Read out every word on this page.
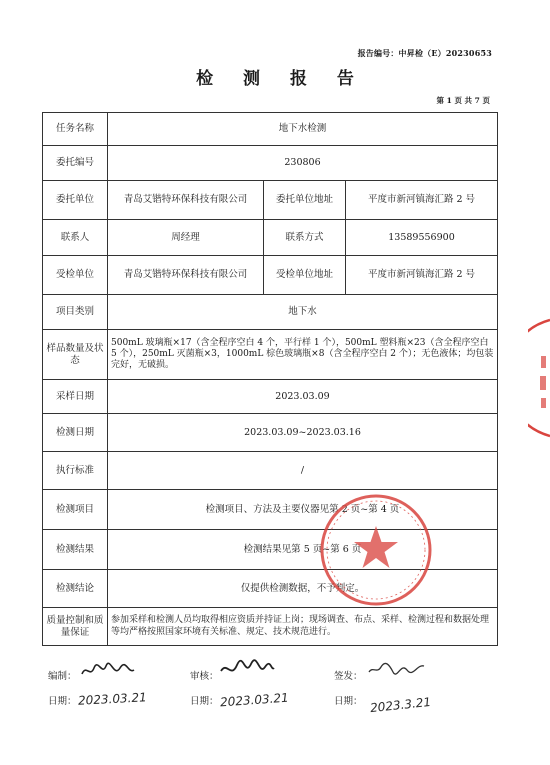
报告编号：中昇检（E）20230653
检 测 报 告
第 1 页 共 7 页
任务名称	地下水检测		
委托编号	230806		
委托单位	青岛艾锴特环保科技有限公司	委托单位地址	平度市新河镇海汇路 2 号
联系人	周经理	联系方式	13589556900
受检单位	青岛艾锴特环保科技有限公司	受检单位地址	平度市新河镇海汇路 2 号
项目类别	地下水		
样品数量及状态	500mL 玻璃瓶×17（含全程序空白 4 个，平行样 1 个），500mL 塑料瓶×23（含全程序空白 5 个），250mL 灭菌瓶×3，1000mL 棕色玻璃瓶×8（含全程序空白 2 个）；无色液体；均包装完好，无破损。		
采样日期	2023.03.09		
检测日期	2023.03.09~2023.03.16		
执行标准	/		
检测项目	检测项目、方法及主要仪器见第 2 页~第 4 页		
检测结果	检测结果见第 5 页~第 6 页		
检测结论	仅提供检测数据，不予判定。		
质量控制和质量保证	参加采样和检测人员均取得相应资质并持证上岗；现场调查、布点、采样、检测过程和数据处理等均严格按照国家环境有关标准、规定、技术规范进行。		
编制：	审核：	签发：
日期： 2023.03.21	日期： 2023.03.21	日期： 2023.3.21
